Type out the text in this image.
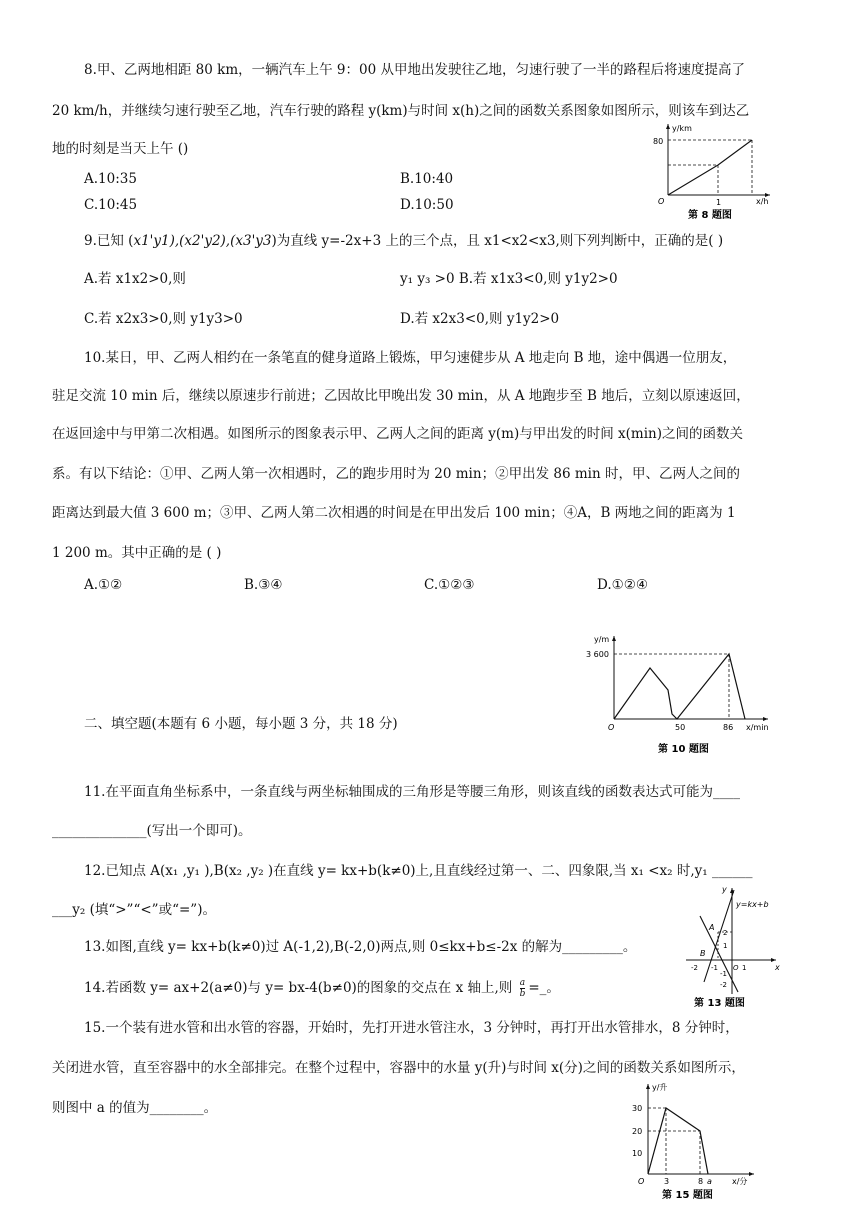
8.甲、乙两地相距 80 km，一辆汽车上午 9：00 从甲地出发驶往乙地，匀速行驶了一半的路程后将速度提高了
20 km/h，并继续匀速行驶至乙地，汽车行驶的路程 y(km)与时间 x(h)之间的函数关系图象如图所示，则该车到达乙
地的时刻是当天上午 ()
A.10:35	B.10:40
C.10:45	D.10:50
y/km
80
1
O	x/h
第 8 题图
9.已知 (x1'y1),(x2'y2),(x3'y3)为直线 y=-2x+3 上的三个点，且 x1<x2<x3,则下列判断中，正确的是( )
A.若 x1x2>0,则	y₁ y₃ >0 B.若 x1x3<0,则 y1y2>0
C.若 x2x3>0,则 y1y3>0	D.若 x2x3<0,则 y1y2>0
10.某日，甲、乙两人相约在一条笔直的健身道路上锻炼，甲匀速健步从 A 地走向 B 地，途中偶遇一位朋友，
驻足交流 10 min 后，继续以原速步行前进；乙因故比甲晚出发 30 min，从 A 地跑步至 B 地后，立刻以原速返回，
在返回途中与甲第二次相遇。如图所示的图象表示甲、乙两人之间的距离 y(m)与甲出发的时间 x(min)之间的函数关
系。有以下结论：①甲、乙两人第一次相遇时，乙的跑步用时为 20 min；②甲出发 86 min 时，甲、乙两人之间的
距离达到最大值 3 600 m；③甲、乙两人第二次相遇的时间是在甲出发后 100 min；④A，B 两地之间的距离为 1
1 200 m。其中正确的是 ( )
A.①②	B.③④	C.①②③	D.①②④
y/m
3 600
50	86
O	x/min
第 10 题图
二、填空题(本题有 6 小题，每小题 3 分，共 18 分)
11.在平面直角坐标系中，一条直线与两坐标轴围成的三角形是等腰三角形，则该直线的函数表达式可能为____
______________(写出一个即可)。
12.已知点 A(x₁ ,y₁ ),B(x₂ ,y₂ )在直线 y= kx+b(k≠0)上,且直线经过第一、二、四象限,当 x₁ <x₂ 时,y₁ ______
___y₂ (填“>”“<”或“=”)。
13.如图,直线 y= kx+b(k≠0)过 A(-1,2),B(-2,0)两点,则 0≤kx+b≤-2x 的解为_________。
y=kx+b
y
x
A
B
2
1
-2 -1 O 1
-1
-2
第 13 题图
14.若函数 y= ax+2(a≠0)与 y= bx-4(b≠0)的图象的交点在 x 轴上,则 $\frac{a}{b}$ =_。
15.一个装有进水管和出水管的容器，开始时，先打开进水管注水，3 分钟时，再打开出水管排水，8 分钟时，
关闭进水管，直至容器中的水全部排完。在整个过程中，容器中的水量 y(升)与时间 x(分)之间的函数关系如图所示，
则图中 a 的值为________。
y/升
30
20
10
3	8 a
O	x/分
第 15 题图
